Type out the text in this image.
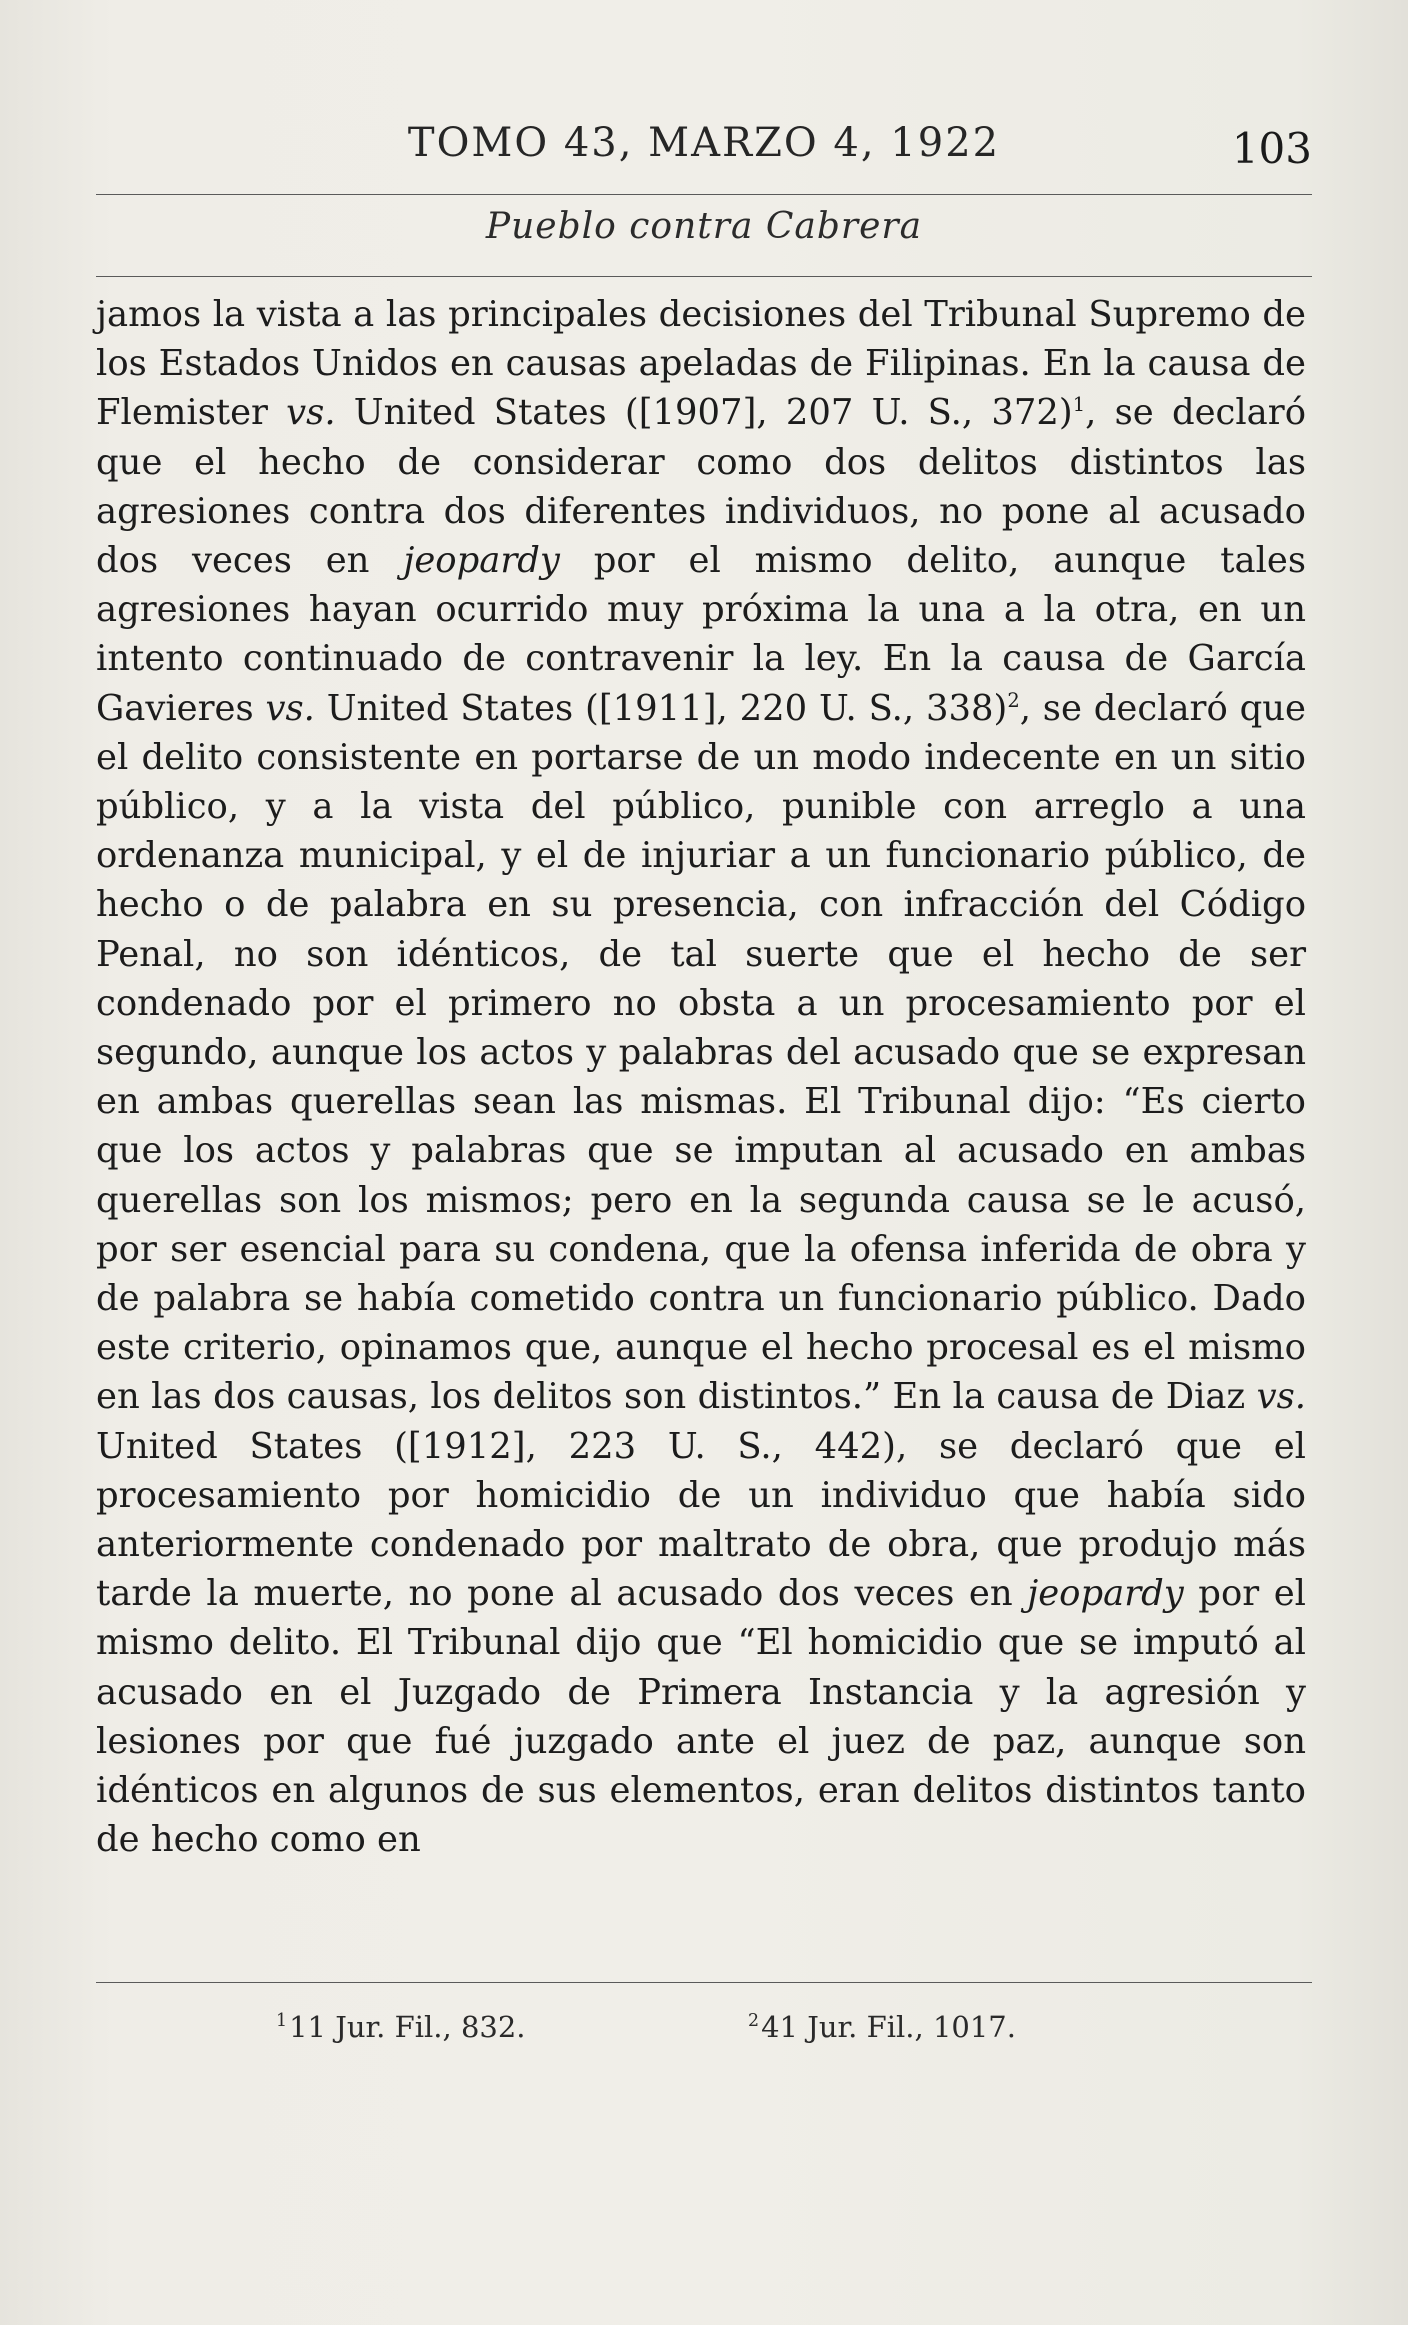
TOMO 43, MARZO 4, 1922	103
Pueblo contra Cabrera

jamos la vista a las principales decisiones del Tribunal Supremo de los Estados Unidos en causas apeladas de Filipinas. En la causa de Flemister vs. United States ([1907], 207 U. S., 372)$^1$, se declaró que el hecho de considerar como dos delitos distintos las agresiones contra dos diferentes individuos, no pone al acusado dos veces en jeopardy por el mismo delito, aunque tales agresiones hayan ocurrido muy próxima la una a la otra, en un intento continuado de contravenir la ley. En la causa de García Gavieres vs. United States ([1911], 220 U. S., 338)$^2$, se declaró que el delito consistente en portarse de un modo indecente en un sitio público, y a la vista del público, punible con arreglo a una ordenanza municipal, y el de injuriar a un funcionario público, de hecho o de palabra en su presencia, con infracción del Código Penal, no son idénticos, de tal suerte que el hecho de ser condenado por el primero no obsta a un procesamiento por el segundo, aunque los actos y palabras del acusado que se expresan en ambas querellas sean las mismas. El Tribunal dijo: “Es cierto que los actos y palabras que se imputan al acusado en ambas querellas son los mismos; pero en la segunda causa se le acusó, por ser esencial para su condena, que la ofensa inferida de obra y de palabra se había cometido contra un funcionario público. Dado este criterio, opinamos que, aunque el hecho procesal es el mismo en las dos causas, los delitos son distintos.” En la causa de Diaz vs. United States ([1912], 223 U. S., 442), se declaró que el procesamiento por homicidio de un individuo que había sido anteriormente condenado por maltrato de obra, que produjo más tarde la muerte, no pone al acusado dos veces en jeopardy por el mismo delito. El Tribunal dijo que “El homicidio que se imputó al acusado en el Juzgado de Primera Instancia y la agresión y lesiones por que fué juzgado ante el juez de paz, aunque son idénticos en algunos de sus elementos, eran delitos distintos tanto de hecho como en

$^1$11 Jur. Fil., 832.	$^2$41 Jur. Fil., 1017.
